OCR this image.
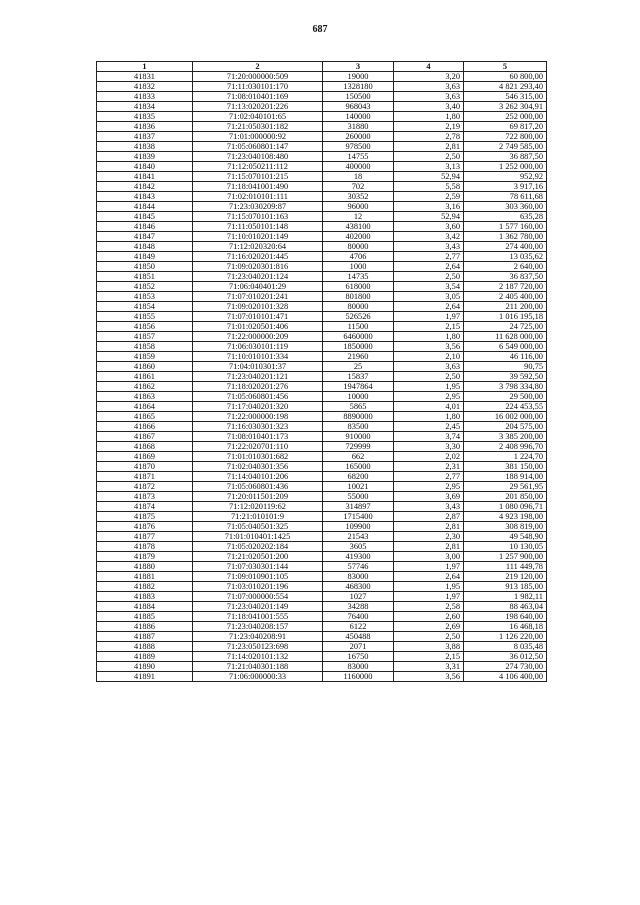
687
1	2	3	4	5
41831	71:20:000000:509	19000	3,20	60 800,00
41832	71:11:030101:170	1328180	3,63	4 821 293,40
41833	71:08:010401:169	150500	3,63	546 315,00
41834	71:13:020201:226	968043	3,40	3 262 304,91
41835	71:02:040101:65	140000	1,80	252 000,00
41836	71:21:050301:182	31880	2,19	69 817,20
41837	71:01:000000:92	260000	2,78	722 800,00
41838	71:05:060801:147	978500	2,81	2 749 585,00
41839	71:23:040108:480	14755	2,50	36 887,50
41840	71:12:050211:112	400000	3,13	1 252 000,00
41841	71:15:070101:215	18	52,94	952,92
41842	71:18:041001:490	702	5,58	3 917,16
41843	71:02:010101:111	30352	2,59	78 611,68
41844	71:23:030209:87	96000	3,16	303 360,00
41845	71:15:070101:163	12	52,94	635,28
41846	71:11:050101:148	438100	3,60	1 577 160,00
41847	71:10:010201:149	402000	3,42	1 362 780,00
41848	71:12:020320:64	80000	3,43	274 400,00
41849	71:16:020201:445	4706	2,77	13 035,62
41850	71:09:020301:816	1000	2,64	2 640,00
41851	71:23:040201:124	14735	2,50	36 837,50
41852	71:06:040401:29	618000	3,54	2 187 720,00
41853	71:07:010201:241	801800	3,05	2 405 400,00
41854	71:09:020101:328	80000	2,64	211 200,00
41855	71:07:010101:471	526526	1,97	1 016 195,18
41856	71:01:020501:406	11500	2,15	24 725,00
41857	71:22:000000:209	6460000	1,80	11 628 000,00
41858	71:06:030101:119	1850000	3,56	6 549 000,00
41859	71:10:010101:334	21960	2,10	46 116,00
41860	71:04:010301:37	25	3,63	90,75
41861	71:23:040201:121	15837	2,50	39 592,50
41862	71:18:020201:276	1947864	1,95	3 798 334,80
41863	71:05:060801:456	10000	2,95	29 500,00
41864	71:17:040201:320	5865	4,01	224 453,55
41865	71:22:000000:198	8890000	1,80	16 002 000,00
41866	71:16:030301:323	83500	2,45	204 575,00
41867	71:08:010401:173	910000	3,74	3 385 200,00
41868	71:22:020701:110	729999	3,30	2 408 996,70
41869	71:01:010301:682	662	2,02	1 224,70
41870	71:02:040301:356	165000	2,31	381 150,00
41871	71:14:040101:206	68200	2,77	188 914,00
41872	71:05:060801:436	10021	2,95	29 561,95
41873	71:20:011501:209	55000	3,69	201 850,00
41874	71:12:020119:62	314897	3,43	1 080 096,71
41875	71:21:010101:9	1715400	2,87	4 923 198,00
41876	71:05:040501:325	109900	2,81	308 819,00
41877	71:01:010401:1425	21543	2,30	49 548,90
41878	71:05:020202:184	3605	2,81	10 130,05
41879	71:21:020501:200	419300	3,00	1 257 900,00
41880	71:07:030301:144	57746	1,97	111 449,78
41881	71:09:010901:105	83000	2,64	219 120,00
41882	71:03:010201:196	468300	1,95	913 185,00
41883	71:07:000000:554	1027	1,97	1 982,11
41884	71:23:040201:149	34288	2,58	88 463,04
41885	71:18:041001:555	76400	2,60	198 640,00
41886	71:23:040208:157	6122	2,69	16 468,18
41887	71:23:040208:91	450488	2,50	1 126 220,00
41888	71:23:050123:698	2071	3,88	8 035,48
41889	71:14:020101:132	16750	2,15	36 012,50
41890	71:21:040301:188	83000	3,31	274 730,00
41891	71:06:000000:33	1160000	3,56	4 106 400,00
